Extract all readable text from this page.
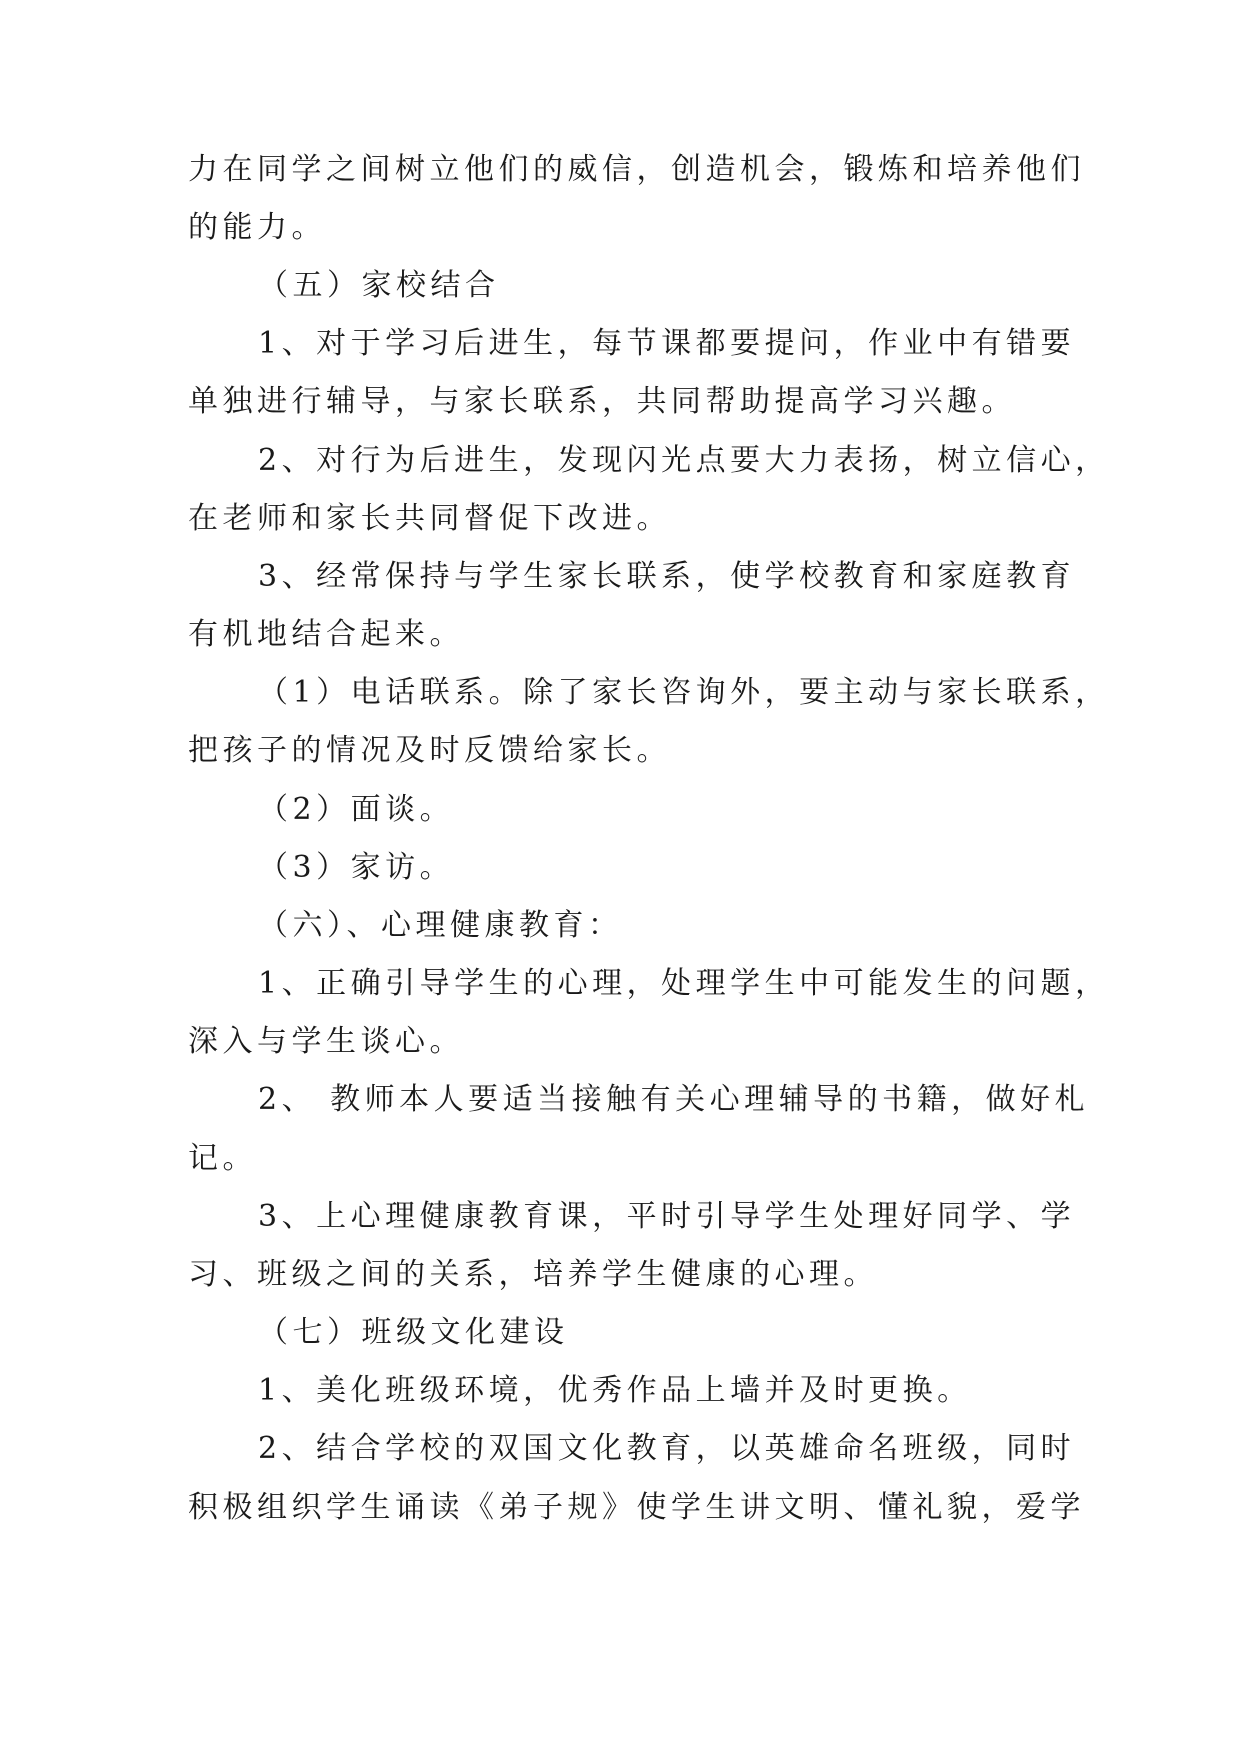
力在同学之间树立他们的威信，创造机会，锻炼和培养他们
的能力。
（五）家校结合
1、对于学习后进生，每节课都要提问，作业中有错要
单独进行辅导，与家长联系，共同帮助提高学习兴趣。
2、对行为后进生，发现闪光点要大力表扬，树立信心，
在老师和家长共同督促下改进。
3、经常保持与学生家长联系，使学校教育和家庭教育
有机地结合起来。
（1）电话联系。除了家长咨询外，要主动与家长联系，
把孩子的情况及时反馈给家长。
（2）面谈。
（3）家访。
（六）、心理健康教育：
1、正确引导学生的心理，处理学生中可能发生的问题，
深入与学生谈心。
2、 教师本人要适当接触有关心理辅导的书籍，做好札
记。
3、上心理健康教育课，平时引导学生处理好同学、学
习、班级之间的关系，培养学生健康的心理。
（七）班级文化建设
1、美化班级环境，优秀作品上墙并及时更换。
2、结合学校的双国文化教育，以英雄命名班级，同时
积极组织学生诵读《弟子规》使学生讲文明、懂礼貌，爱学
